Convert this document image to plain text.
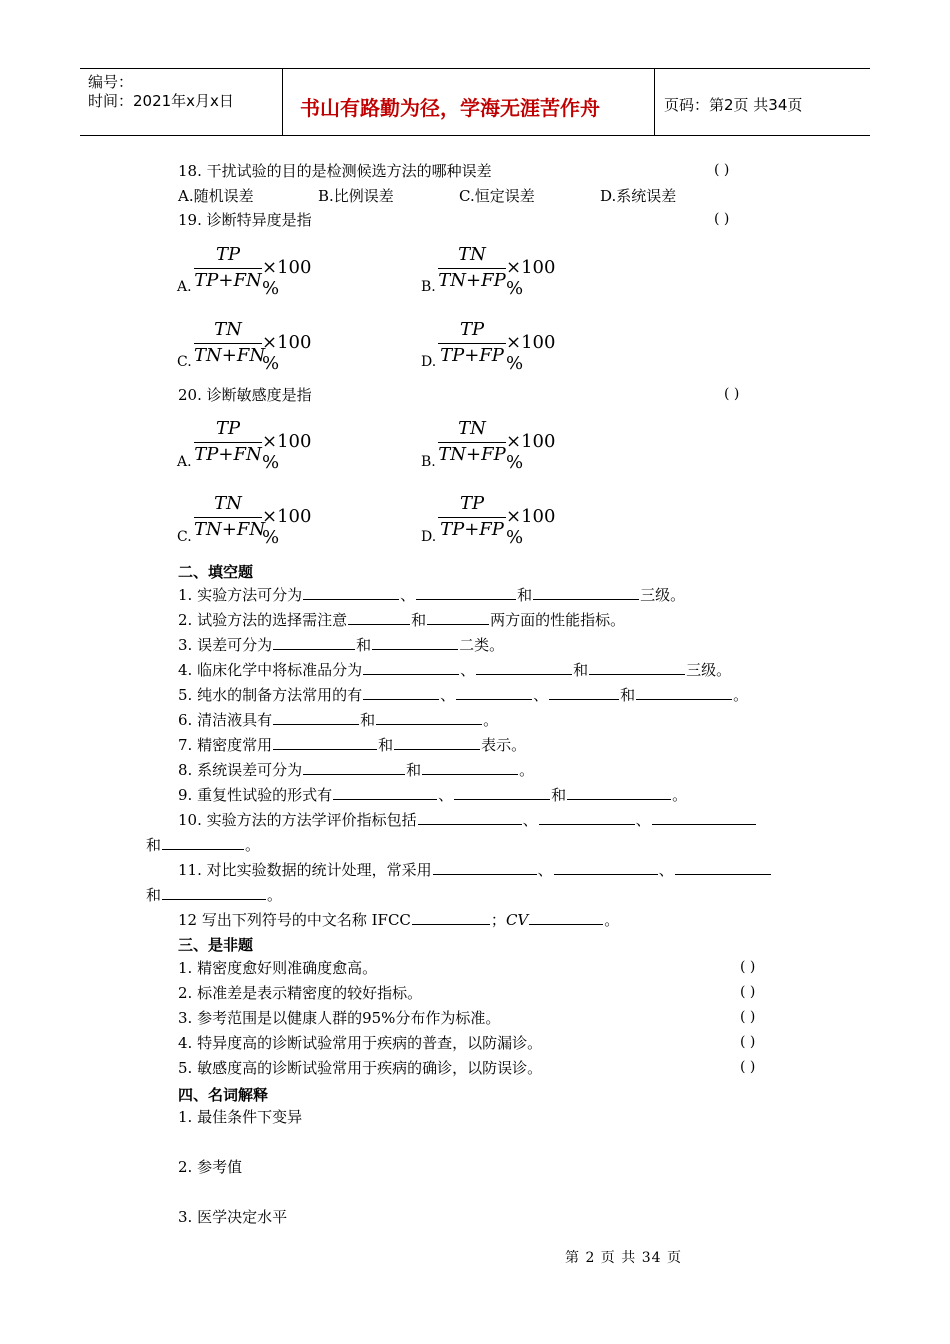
编号：
时间：2021年x月x日	书山有路勤为径，学海无涯苦作舟	页码：第2页 共34页
18. 干扰试验的目的是检测候选方法的哪种误差	( )
A.随机误差	B.比例误差	C.恒定误差	D.系统误差
19. 诊断特异度是指	( )
A.
TP
TP+FN
×100 %	B.
TN
TN+FP
×100 %
C.
TN
TN+FN
×100 %	D.
TP
TP+FP
×100 %
20. 诊断敏感度是指	( )
A.
TP
TP+FN
×100 %	B.
TN
TN+FP
×100 %
C.
TN
TN+FN
×100 %	D.
TP
TP+FP
×100 %
二、填空题
1. 实验方法可分为	、	和	三级。
2. 试验方法的选择需注意	和	两方面的性能指标。
3. 误差可分为	和	二类。
4. 临床化学中将标准品分为	、	和	三级。
5. 纯水的制备方法常用的有	、	、	和	。
6. 清洁液具有	和	。
7. 精密度常用	和	表示。
8. 系统误差可分为	和	。
9. 重复性试验的形式有	、	和	。
10. 实验方法的方法学评价指标包括	、	、
和	。
11. 对比实验数据的统计处理，常采用	、	、
和	。
12 写出下列符号的中文名称 IFCC	；CV	。
三、是非题
1. 精密度愈好则准确度愈高。	( )
2. 标准差是表示精密度的较好指标。	( )
3. 参考范围是以健康人群的95%分布作为标准。	( )
4. 特异度高的诊断试验常用于疾病的普查，以防漏诊。	( )
5. 敏感度高的诊断试验常用于疾病的确诊，以防误诊。	( )
四、名词解释
1. 最佳条件下变异
2. 参考值
3. 医学决定水平
第 2 页 共 34 页
